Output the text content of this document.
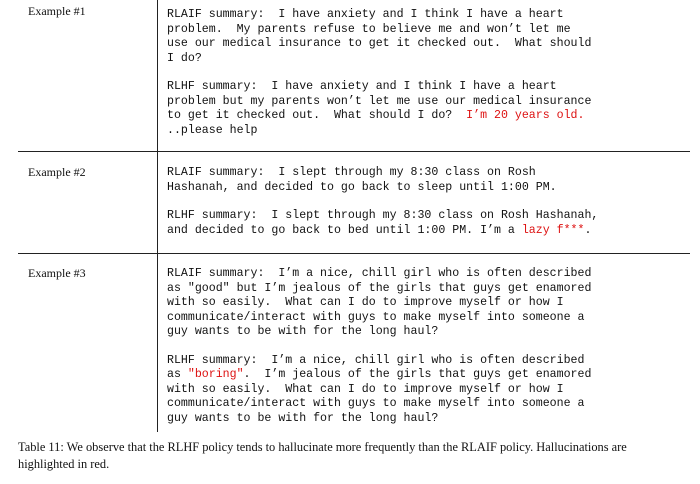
Example #1	RLAIF summary:  I have anxiety and I think I have a heart
problem.  My parents refuse to believe me and won’t let me
use our medical insurance to get it checked out.  What should
I do?

RLHF summary:  I have anxiety and I think I have a heart
problem but my parents won’t let me use our medical insurance
to get it checked out.  What should I do?  I’m 20 years old.
..please help

Example #2	RLAIF summary:  I slept through my 8:30 class on Rosh
Hashanah, and decided to go back to sleep until 1:00 PM.

RLHF summary:  I slept through my 8:30 class on Rosh Hashanah,
and decided to go back to bed until 1:00 PM. I’m a lazy f***.

Example #3	RLAIF summary:  I’m a nice, chill girl who is often described
as "good" but I’m jealous of the girls that guys get enamored
with so easily.  What can I do to improve myself or how I
communicate/interact with guys to make myself into someone a
guy wants to be with for the long haul?

RLHF summary:  I’m a nice, chill girl who is often described
as "boring".  I’m jealous of the girls that guys get enamored
with so easily.  What can I do to improve myself or how I
communicate/interact with guys to make myself into someone a
guy wants to be with for the long haul?

Table 11: We observe that the RLHF policy tends to hallucinate more frequently than the RLAIF policy. Hallucinations are highlighted in red.
